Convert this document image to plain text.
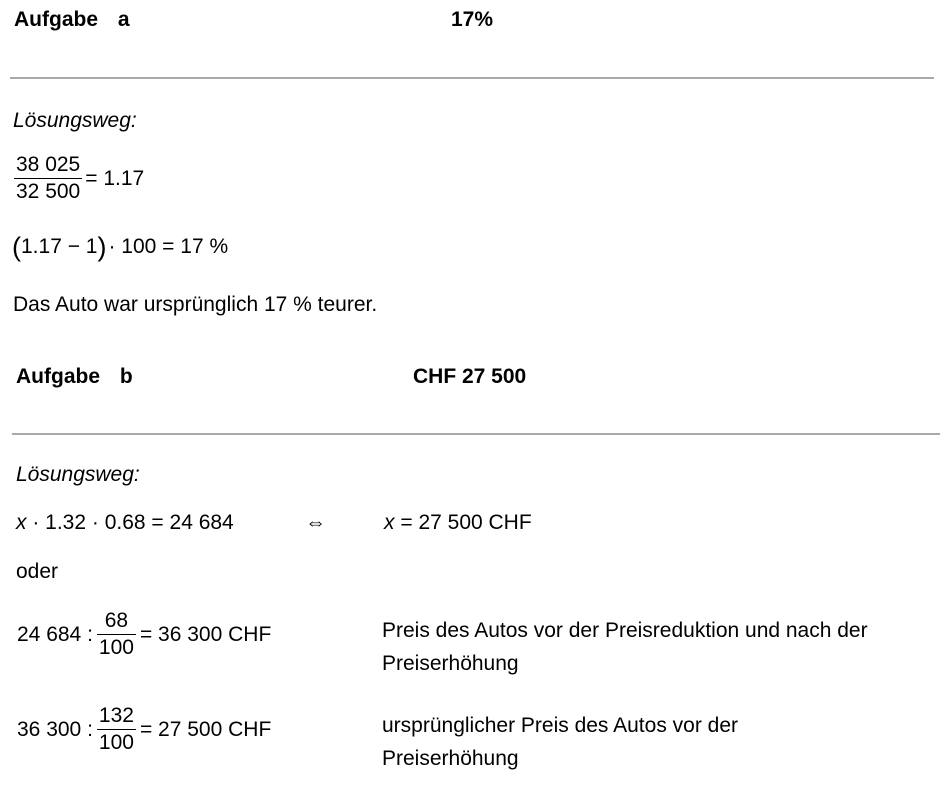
Aufgabe a	17%
Lösungsweg:
$\frac{38 025}{32 500} = 1.17$
( 1.17 − 1 ) · 100 = 17 %
Das Auto war ursprünglich 17 % teurer.
Aufgabe b	CHF 27 500
Lösungsweg:
x · 1.32 · 0.68 = 24 684	⇔	x = 27 500 CHF
oder
24 684 : $\frac{68}{100} = 36$ 300 CHF	Preis des Autos vor der Preisreduktion und nach der Preiserhöhung
36 300 : $\frac{132}{100} = 27$ 500 CHF	ursprünglicher Preis des Autos vor der Preiserhöhung
